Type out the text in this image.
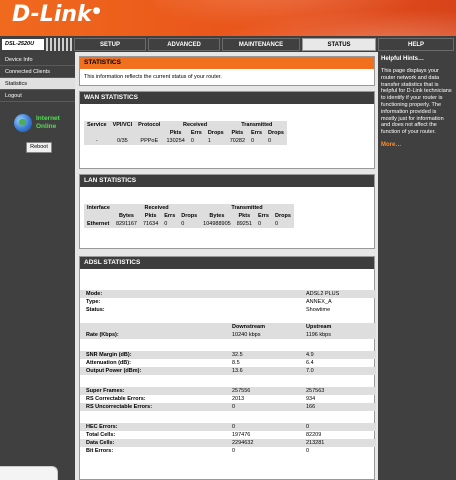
D-Link●
DSL-2520U	SETUP	ADVANCED	MAINTENANCE	STATUS	HELP
Device Info
Connected Clients
Statistics
Logout
Internet
Online
Reboot
STATISTICS
This information reflects the current status of your router.
WAN STATISTICS
Service	VPI/VCI	Protocol	Received			Transmitted		
			Pkts	Errs	Drops	Pkts	Errs	Drops
-	0/35	PPPoE	130254	0	1	70282	0	0
LAN STATISTICS
Interface	Received				Transmitted			
	Bytes	Pkts	Errs	Drops	Bytes	Pkts	Errs	Drops
Ethernet	8291167	71634	0	0	104988905	89251	0	0
ADSL STATISTICS
Mode:	ADSL2 PLUS
Type:	ANNEX_A
Status:	Showtime
Downstream	Upstream
Rate (Kbps):	10240 kbps	1196 kbps
SNR Margin (dB):	32.5	4.9
Attenuation (dB):	8.5	6.4
Output Power (dBm):	13.6	7.0
Super Frames:	257556	257563
RS Correctable Errors:	2013	934
RS Uncorrectable Errors:	0	166
HEC Errors:	0	0
Total Cells:	197476	82209
Data Cells:	2294632	213281
Bit Errors:	0	0
Helpful Hints…
This page displays your router network and data transfer statistics that is helpful for D-Link technicians to identify if your router is functioning properly. The information provided is mostly just for information and does not affect the function of your router.
More…
